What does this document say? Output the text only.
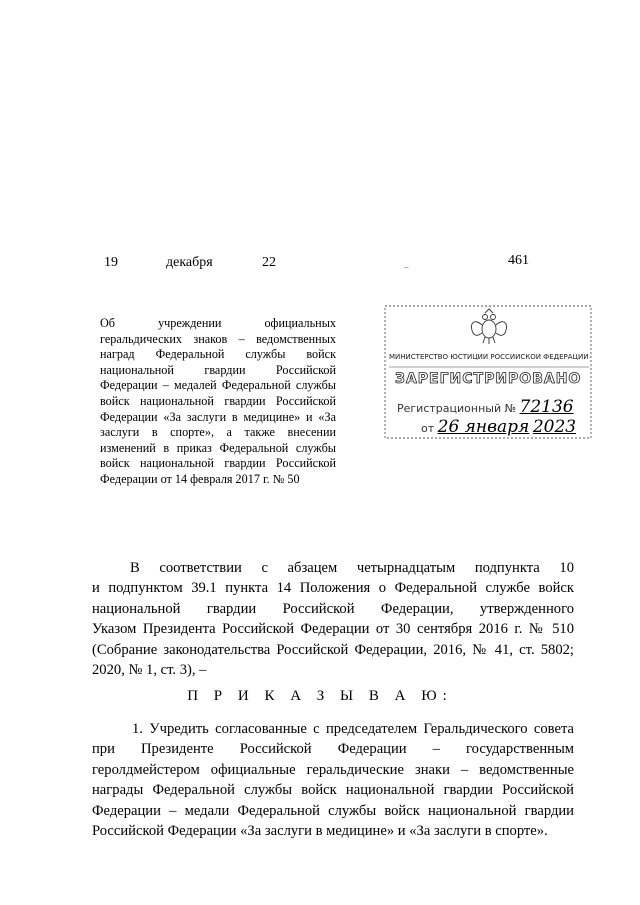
19	декабря	22	–	461
Об учреждении официальных геральдических знаков – ведомственных наград Федеральной службы войск национальной гвардии Российской Федерации – медалей Федеральной службы войск национальной гвардии Российской Федерации «За заслуги в медицине» и «За заслуги в спорте», а также внесении изменений в приказ Федеральной службы войск национальной гвардии Российской Федерации от 14 февраля 2017 г. № 50
МИНИСТЕРСТВО ЮСТИЦИИ РОССИЙСКОЙ ФЕДЕРАЦИИ
ЗАРЕГИСТРИРОВАНО
Регистрационный № 72136
от 26 января 2023
В соответствии с абзацем четырнадцатым подпункта 10
и подпунктом 39.1 пункта 14 Положения о Федеральной службе войск
национальной гвардии Российской Федерации, утвержденного
Указом Президента Российской Федерации от 30 сентября 2016 г. № 510
(Собрание законодательства Российской Федерации, 2016, № 41, ст. 5802;
2020, № 1, ст. 3), –
П Р И К А З Ы В А Ю:
1. Учредить согласованные с председателем Геральдического совета
при Президенте Российской Федерации – государственным
геролдмейстером официальные геральдические знаки – ведомственные
награды Федеральной службы войск национальной гвардии Российской
Федерации – медали Федеральной службы войск национальной гвардии
Российской Федерации «За заслуги в медицине» и «За заслуги в спорте».
